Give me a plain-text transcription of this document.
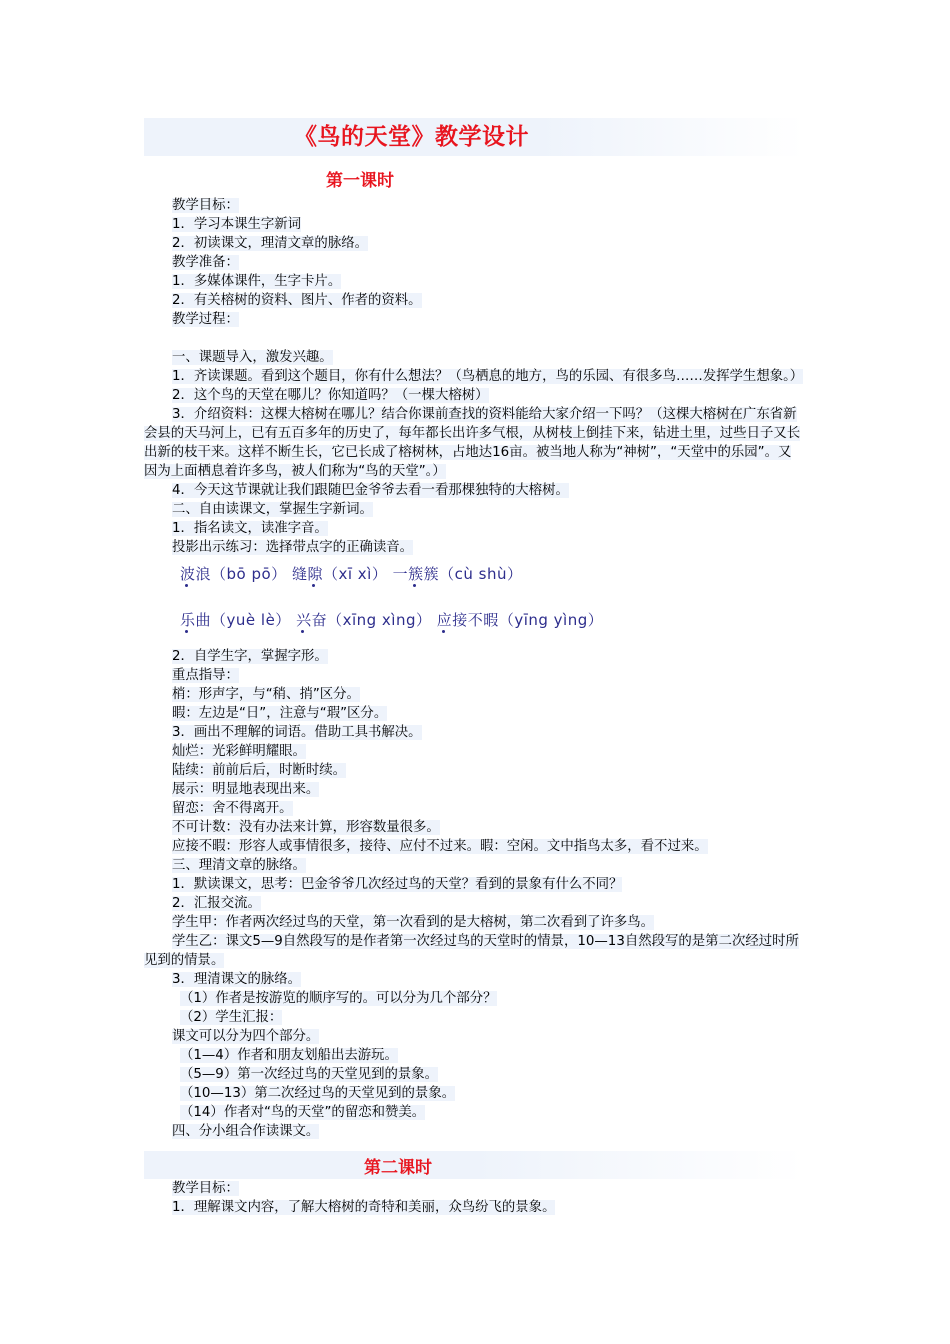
《鸟的天堂》教学设计
第一课时
教学目标：
1．学习本课生字新词
2．初读课文，理清文章的脉络。
教学准备：
1．多媒体课件，生字卡片。
2．有关榕树的资料、图片、作者的资料。
教学过程：
一、课题导入，激发兴趣。
1．齐读课题。看到这个题目，你有什么想法？（鸟栖息的地方，鸟的乐园、有很多鸟……发挥学生想象。）
2．这个鸟的天堂在哪儿？你知道吗？（一棵大榕树）
3．介绍资料：这棵大榕树在哪儿？结合你课前查找的资料能给大家介绍一下吗？（这棵大榕树在广东省新会县的天马河上，已有五百多年的历史了，每年都长出许多气根，从树枝上倒挂下来，钻进土里，过些日子又长出新的枝干来。这样不断生长，它已长成了榕树林，占地达16亩。被当地人称为“神树”，“天堂中的乐园”。又因为上面栖息着许多鸟，被人们称为“鸟的天堂”。）
4．今天这节课就让我们跟随巴金爷爷去看一看那棵独特的大榕树。
二、自由读课文，掌握生字新词。
1．指名读文，读准字音。
投影出示练习：选择带点字的正确读音。
波浪（bō pō） 缝隙（xī xì） 一簇簇（cù shù）
乐曲（yuè lè） 兴奋（xīng xìng） 应接不暇（yīng yìng）
2．自学生字，掌握字形。
重点指导：
梢：形声字，与“稍、捎”区分。
暇：左边是“日”，注意与“瑕”区分。
3．画出不理解的词语。借助工具书解决。
灿烂：光彩鲜明耀眼。
陆续：前前后后，时断时续。
展示：明显地表现出来。
留恋：舍不得离开。
不可计数：没有办法来计算，形容数量很多。
应接不暇：形容人或事情很多，接待、应付不过来。暇：空闲。文中指鸟太多，看不过来。
三、理清文章的脉络。
1．默读课文，思考：巴金爷爷几次经过鸟的天堂？看到的景象有什么不同？
2．汇报交流。
学生甲：作者两次经过鸟的天堂，第一次看到的是大榕树，第二次看到了许多鸟。
学生乙：课文5—9自然段写的是作者第一次经过鸟的天堂时的情景，10—13自然段写的是第二次经过时所见到的情景。
3．理清课文的脉络。
（1）作者是按游览的顺序写的。可以分为几个部分？
（2）学生汇报：
课文可以分为四个部分。
（1—4）作者和朋友划船出去游玩。
（5—9）第一次经过鸟的天堂见到的景象。
（10—13）第二次经过鸟的天堂见到的景象。
（14）作者对“鸟的天堂”的留恋和赞美。
四、分小组合作读课文。
第二课时
教学目标：
1．理解课文内容，了解大榕树的奇特和美丽，众鸟纷飞的景象。
